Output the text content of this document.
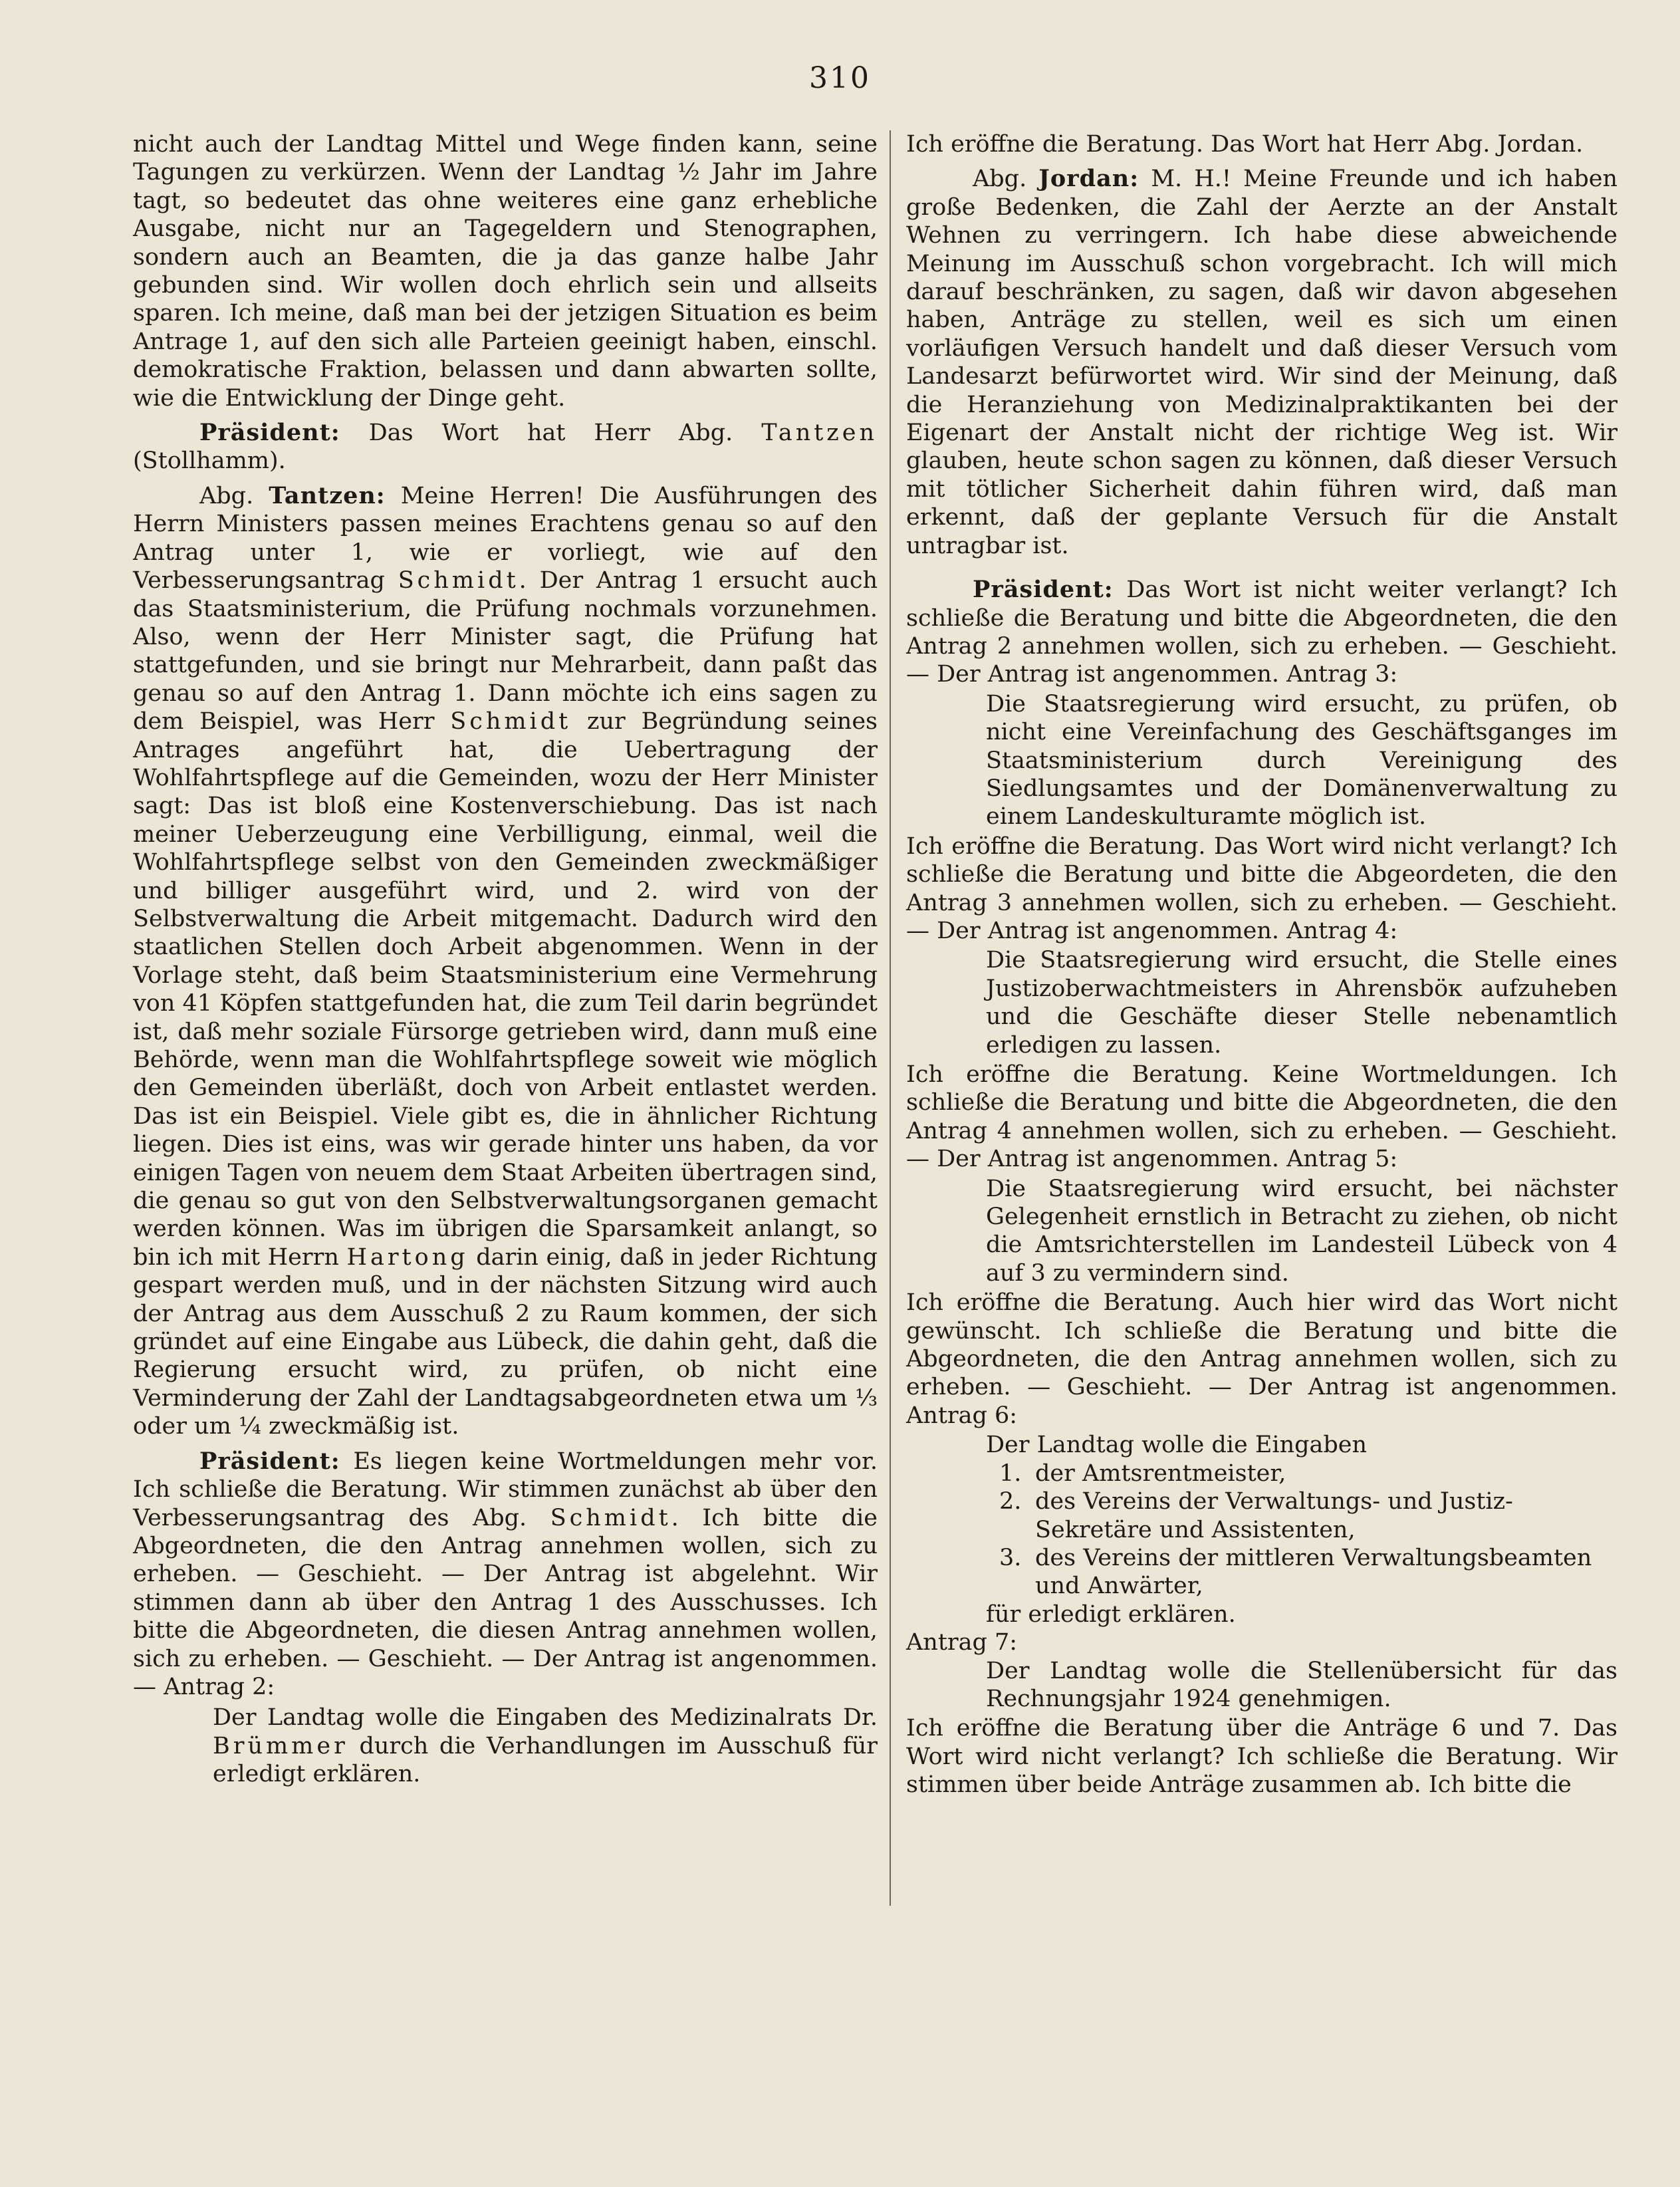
310

nicht auch der Landtag Mittel und Wege finden kann, seine Tagungen zu verkürzen. Wenn der Landtag ½ Jahr im Jahre tagt, so bedeutet das ohne weiteres eine ganz erhebliche Ausgabe, nicht nur an Tagegeldern und Stenographen, sondern auch an Beamten, die ja das ganze halbe Jahr gebunden sind. Wir wollen doch ehrlich sein und allseits sparen. Ich meine, daß man bei der jetzigen Situation es beim Antrage 1, auf den sich alle Parteien geeinigt haben, einschl. demokratische Fraktion, belassen und dann abwarten sollte, wie die Entwicklung der Dinge geht.

Präsident: Das Wort hat Herr Abg. Tantzen (Stollhamm).

Abg. Tantzen: Meine Herren! Die Ausführungen des Herrn Ministers passen meines Erachtens genau so auf den Antrag unter 1, wie er vorliegt, wie auf den Verbesserungsantrag Schmidt. Der Antrag 1 ersucht auch das Staatsministerium, die Prüfung nochmals vorzunehmen. Also, wenn der Herr Minister sagt, die Prüfung hat stattgefunden, und sie bringt nur Mehrarbeit, dann paßt das genau so auf den Antrag 1. Dann möchte ich eins sagen zu dem Beispiel, was Herr Schmidt zur Begründung seines Antrages angeführt hat, die Uebertragung der Wohlfahrtspflege auf die Gemeinden, wozu der Herr Minister sagt: Das ist bloß eine Kostenverschiebung. Das ist nach meiner Ueberzeugung eine Verbilligung, einmal, weil die Wohlfahrtspflege selbst von den Gemeinden zweckmäßiger und billiger ausgeführt wird, und 2. wird von der Selbstverwaltung die Arbeit mitgemacht. Dadurch wird den staatlichen Stellen doch Arbeit abgenommen. Wenn in der Vorlage steht, daß beim Staatsministerium eine Vermehrung von 41 Köpfen stattgefunden hat, die zum Teil darin begründet ist, daß mehr soziale Fürsorge getrieben wird, dann muß eine Behörde, wenn man die Wohlfahrtspflege soweit wie möglich den Gemeinden überläßt, doch von Arbeit entlastet werden. Das ist ein Beispiel. Viele gibt es, die in ähnlicher Richtung liegen. Dies ist eins, was wir gerade hinter uns haben, da vor einigen Tagen von neuem dem Staat Arbeiten übertragen sind, die genau so gut von den Selbstverwaltungsorganen gemacht werden können. Was im übrigen die Sparsamkeit anlangt, so bin ich mit Herrn Hartong darin einig, daß in jeder Richtung gespart werden muß, und in der nächsten Sitzung wird auch der Antrag aus dem Ausschuß 2 zu Raum kommen, der sich gründet auf eine Eingabe aus Lübeck, die dahin geht, daß die Regierung ersucht wird, zu prüfen, ob nicht eine Verminderung der Zahl der Landtagsabgeordneten etwa um ⅓ oder um ¼ zweckmäßig ist.

Präsident: Es liegen keine Wortmeldungen mehr vor. Ich schließe die Beratung. Wir stimmen zunächst ab über den Verbesserungsantrag des Abg. Schmidt. Ich bitte die Abgeordneten, die den Antrag annehmen wollen, sich zu erheben. — Geschieht. — Der Antrag ist abgelehnt. Wir stimmen dann ab über den Antrag 1 des Ausschusses. Ich bitte die Abgeordneten, die diesen Antrag annehmen wollen, sich zu erheben. — Geschieht. — Der Antrag ist angenommen. — Antrag 2:

Der Landtag wolle die Eingaben des Medizinalrats Dr. Brümmer durch die Verhandlungen im Ausschuß für erledigt erklären.

Ich eröffne die Beratung. Das Wort hat Herr Abg. Jordan.

Abg. Jordan: M. H.! Meine Freunde und ich haben große Bedenken, die Zahl der Aerzte an der Anstalt Wehnen zu verringern. Ich habe diese abweichende Meinung im Ausschuß schon vorgebracht. Ich will mich darauf beschränken, zu sagen, daß wir davon abgesehen haben, Anträge zu stellen, weil es sich um einen vorläufigen Versuch handelt und daß dieser Versuch vom Landesarzt befürwortet wird. Wir sind der Meinung, daß die Heranziehung von Medizinalpraktikanten bei der Eigenart der Anstalt nicht der richtige Weg ist. Wir glauben, heute schon sagen zu können, daß dieser Versuch mit tötlicher Sicherheit dahin führen wird, daß man erkennt, daß der geplante Versuch für die Anstalt untragbar ist.

Präsident: Das Wort ist nicht weiter verlangt? Ich schließe die Beratung und bitte die Abgeordneten, die den Antrag 2 annehmen wollen, sich zu erheben. — Geschieht. — Der Antrag ist angenommen. Antrag 3:

Die Staatsregierung wird ersucht, zu prüfen, ob nicht eine Vereinfachung des Geschäftsganges im Staatsministerium durch Vereinigung des Siedlungsamtes und der Domänenverwaltung zu einem Landeskulturamte möglich ist.

Ich eröffne die Beratung. Das Wort wird nicht verlangt? Ich schließe die Beratung und bitte die Abgeordeten, die den Antrag 3 annehmen wollen, sich zu erheben. — Geschieht. — Der Antrag ist angenommen. Antrag 4:

Die Staatsregierung wird ersucht, die Stelle eines Justizoberwachtmeisters in Ahrensböк aufzuheben und die Geschäfte dieser Stelle nebenamtlich erledigen zu lassen.

Ich eröffne die Beratung. Keine Wortmeldungen. Ich schließe die Beratung und bitte die Abgeordneten, die den Antrag 4 annehmen wollen, sich zu erheben. — Geschieht. — Der Antrag ist angenommen. Antrag 5:

Die Staatsregierung wird ersucht, bei nächster Gelegenheit ernstlich in Betracht zu ziehen, ob nicht die Amtsrichterstellen im Landesteil Lübeck von 4 auf 3 zu vermindern sind.

Ich eröffne die Beratung. Auch hier wird das Wort nicht gewünscht. Ich schließe die Beratung und bitte die Abgeordneten, die den Antrag annehmen wollen, sich zu erheben. — Geschieht. — Der Antrag ist angenommen. Antrag 6:

Der Landtag wolle die Eingaben
1. der Amtsrentmeister,
2. des Vereins der Verwaltungs- und Justiz-Sekretäre und Assistenten,
3. des Vereins der mittleren Verwaltungsbeamten und Anwärter,
für erledigt erklären.

Antrag 7:

Der Landtag wolle die Stellenübersicht für das Rechnungsjahr 1924 genehmigen.

Ich eröffne die Beratung über die Anträge 6 und 7. Das Wort wird nicht verlangt? Ich schließe die Beratung. Wir stimmen über beide Anträge zusammen ab. Ich bitte die
